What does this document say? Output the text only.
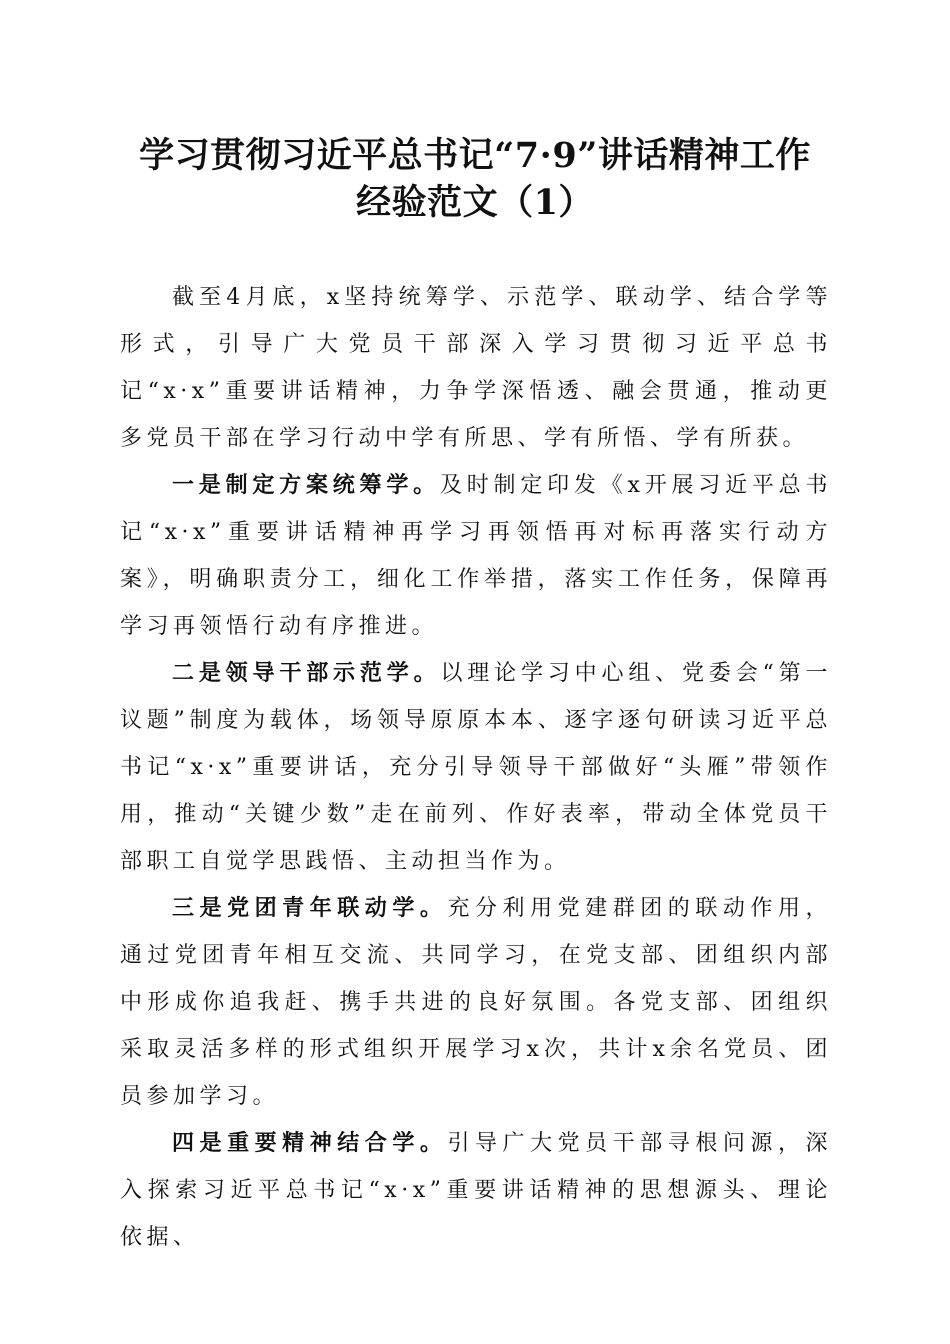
学习贯彻习近平总书记“7·9”讲话精神工作
经验范文（1）

截至4月底，x坚持统筹学、示范学、联动学、结合学等形式，引导广大党员干部深入学习贯彻习近平总书记“x·x”重要讲话精神，力争学深悟透、融会贯通，推动更多党员干部在学习行动中学有所思、学有所悟、学有所获。

一是制定方案统筹学。及时制定印发《x开展习近平总书记“x·x”重要讲话精神再学习再领悟再对标再落实行动方案》，明确职责分工，细化工作举措，落实工作任务，保障再学习再领悟行动有序推进。

二是领导干部示范学。以理论学习中心组、党委会“第一议题”制度为载体，场领导原原本本、逐字逐句研读习近平总书记“x·x”重要讲话，充分引导领导干部做好“头雁”带领作用，推动“关键少数”走在前列、作好表率，带动全体党员干部职工自觉学思践悟、主动担当作为。

三是党团青年联动学。充分利用党建群团的联动作用，通过党团青年相互交流、共同学习，在党支部、团组织内部中形成你追我赶、携手共进的良好氛围。各党支部、团组织采取灵活多样的形式组织开展学习x次，共计x余名党员、团员参加学习。

四是重要精神结合学。引导广大党员干部寻根问源，深入探索习近平总书记“x·x”重要讲话精神的思想源头、理论依据、
